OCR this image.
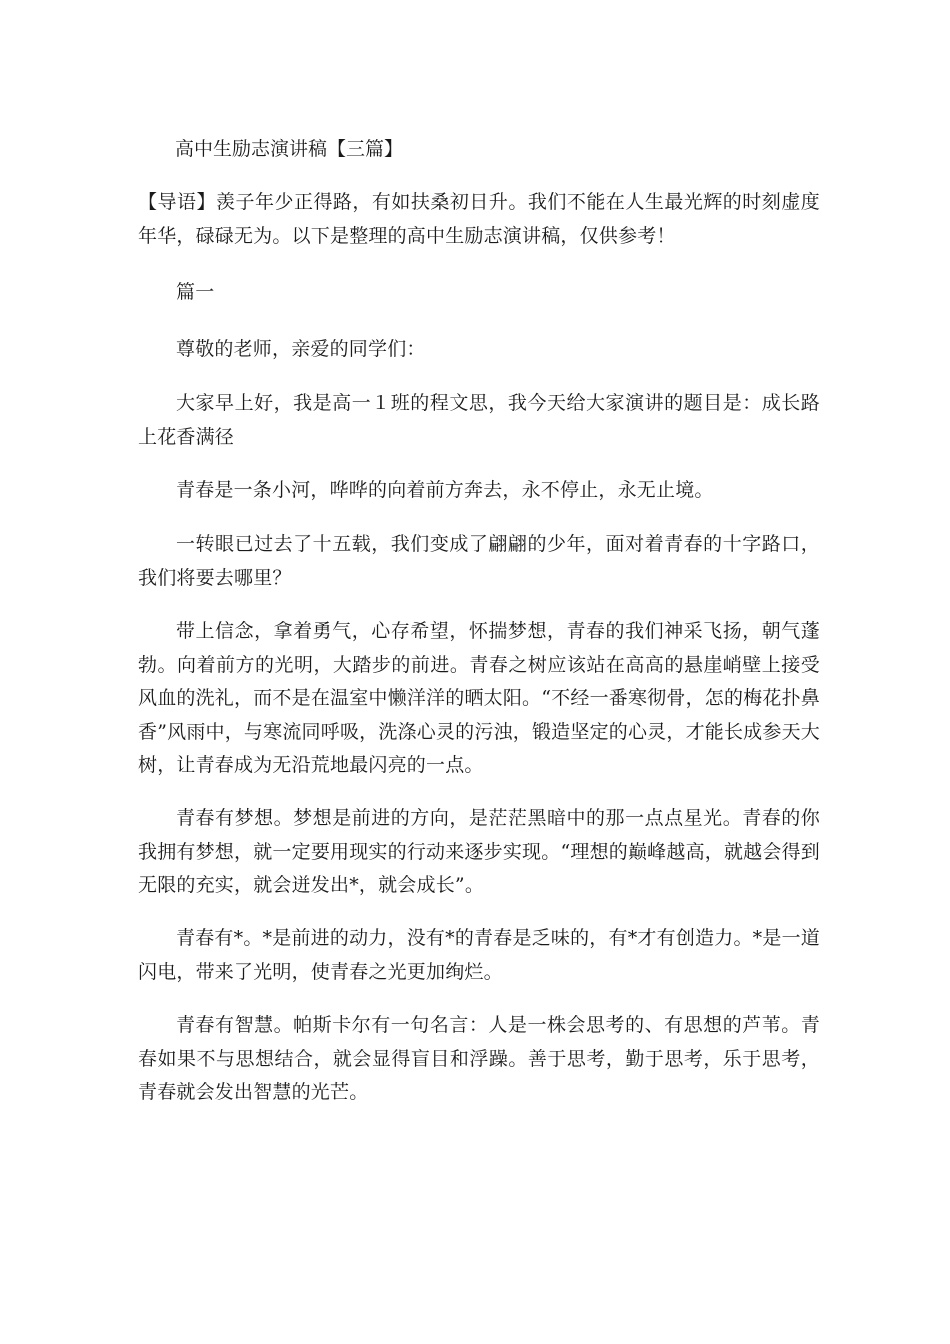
高中生励志演讲稿【三篇】
【导语】羡子年少正得路，有如扶桑初日升。我们不能在人生最光辉的时刻虚度年华，碌碌无为。以下是整理的高中生励志演讲稿，仅供参考！
篇一
尊敬的老师，亲爱的同学们：
大家早上好，我是高一１班的程文思，我今天给大家演讲的题目是：成长路上花香满径
青春是一条小河，哗哗的向着前方奔去，永不停止，永无止境。
一转眼已过去了十五载，我们变成了翩翩的少年，面对着青春的十字路口，我们将要去哪里？
带上信念，拿着勇气，心存希望，怀揣梦想，青春的我们神采飞扬，朝气蓬勃。向着前方的光明，大踏步的前进。青春之树应该站在高高的悬崖峭壁上接受风血的洗礼，而不是在温室中懒洋洋的晒太阳。“不经一番寒彻骨，怎的梅花扑鼻香”风雨中，与寒流同呼吸，洗涤心灵的污浊，锻造坚定的心灵，才能长成参天大树，让青春成为无沿荒地最闪亮的一点。
青春有梦想。梦想是前进的方向，是茫茫黑暗中的那一点点星光。青春的你我拥有梦想，就一定要用现实的行动来逐步实现。“理想的巅峰越高，就越会得到无限的充实，就会迸发出*，就会成长”。
青春有*。*是前进的动力，没有*的青春是乏味的，有*才有创造力。*是一道闪电，带来了光明，使青春之光更加绚烂。
青春有智慧。帕斯卡尔有一句名言：人是一株会思考的、有思想的芦苇。青春如果不与思想结合，就会显得盲目和浮躁。善于思考，勤于思考，乐于思考，青春就会发出智慧的光芒。
